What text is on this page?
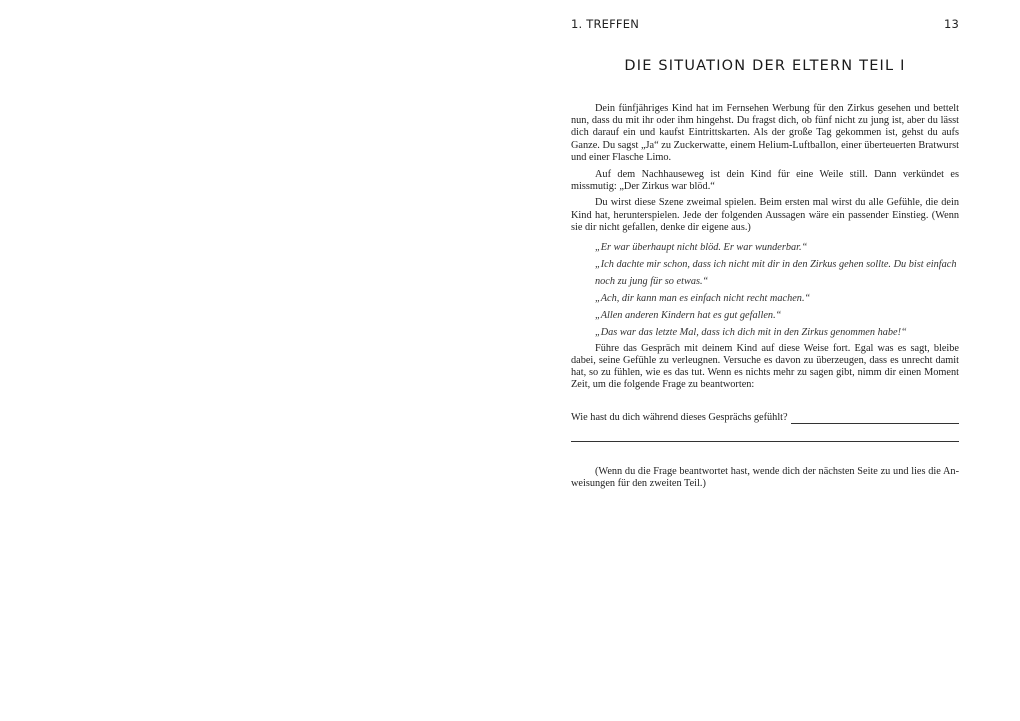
1. TREFFEN	13
DIE SITUATION DER ELTERN TEIL I

Dein fünfjähriges Kind hat im Fernsehen Werbung für den Zirkus gesehen und bettelt nun, dass du mit ihr oder ihm hingehst. Du fragst dich, ob fünf nicht zu jung ist, aber du lässt dich darauf ein und kaufst Eintrittskarten. Als der große Tag gekommen ist, gehst du aufs Ganze. Du sagst „Ja“ zu Zuckerwatte, einem Helium-Luftballon, einer überteuerten Bratwurst und einer Flasche Limo.

Auf dem Nachhauseweg ist dein Kind für eine Weile still. Dann verkündet es missmutig: „Der Zirkus war blöd.“

Du wirst diese Szene zweimal spielen. Beim ersten mal wirst du alle Gefühle, die dein Kind hat, herunterspielen. Jede der folgenden Aussagen wäre ein passender Einstieg. (Wenn sie dir nicht gefallen, denke dir eigene aus.)

„Er war überhaupt nicht blöd. Er war wunderbar.“
„Ich dachte mir schon, dass ich nicht mit dir in den Zirkus gehen sollte. Du bist einfach noch zu jung für so etwas.“
„Ach, dir kann man es einfach nicht recht machen.“
„Allen anderen Kindern hat es gut gefallen.“
„Das war das letzte Mal, dass ich dich mit in den Zirkus genommen habe!“

Führe das Gespräch mit deinem Kind auf diese Weise fort. Egal was es sagt, bleibe dabei, seine Gefühle zu verleugnen. Versuche es davon zu überzeugen, dass es unrecht damit hat, so zu fühlen, wie es das tut. Wenn es nichts mehr zu sagen gibt, nimm dir einen Moment Zeit, um die folgende Frage zu beantworten:

Wie hast du dich während dieses Gesprächs gefühlt?

(Wenn du die Frage beantwortet hast, wende dich der nächsten Seite zu und lies die Anweisungen für den zweiten Teil.)
